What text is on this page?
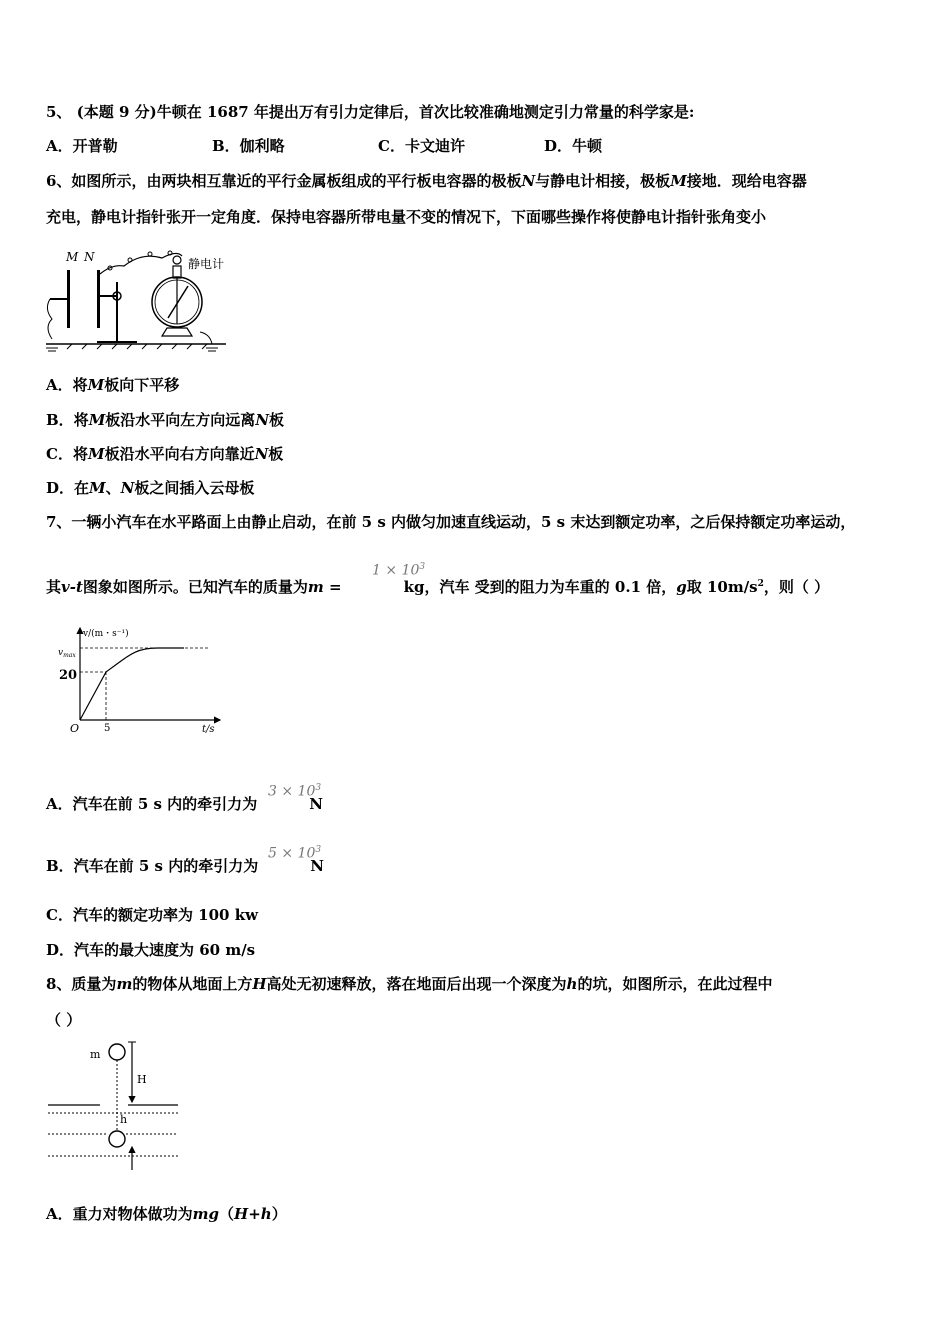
5、 (本题 9 分)牛顿在 1687 年提出万有引力定律后，首次比较准确地测定引力常量的科学家是:
A．开普勒	B．伽利略	C．卡文迪许	D．牛顿
6、如图所示，由两块相互靠近的平行金属板组成的平行板电容器的极板N与静电计相接，极板M接地．现给电容器
充电，静电计指针张开一定角度．保持电容器所带电量不变的情况下，下面哪些操作将使静电计指针张角变小
M N	静电计
A．将M板向下平移
B．将M板沿水平向左方向远离N板
C．将M板沿水平向右方向靠近N板
D．在M、N板之间插入云母板
7、一辆小汽车在水平路面上由静止启动，在前 5 s 内做匀加速直线运动，5 s 末达到额定功率，之后保持额定功率运动，
其v-t图象如图所示。已知汽车的质量为m =	kg，汽车 受到的阻力为车重的 0.1 倍，g取 $10m/s^2$，则（ ）
$1 \times 10^3$
v/(m・s⁻¹)
t/s
O
$v_{max}$
20
5
A．汽车在前 5 s 内的牵引力为	N
$3 \times 10^3$
B．汽车在前 5 s 内的牵引力为	N
$5 \times 10^3$
C．汽车的额定功率为 100 kw
D．汽车的最大速度为 60 m/s
8、质量为m的物体从地面上方H高处无初速释放，落在地面后出现一个深度为h的坑，如图所示，在此过程中
（ ）
m
H
h
A．重力对物体做功为mg（H+h）
